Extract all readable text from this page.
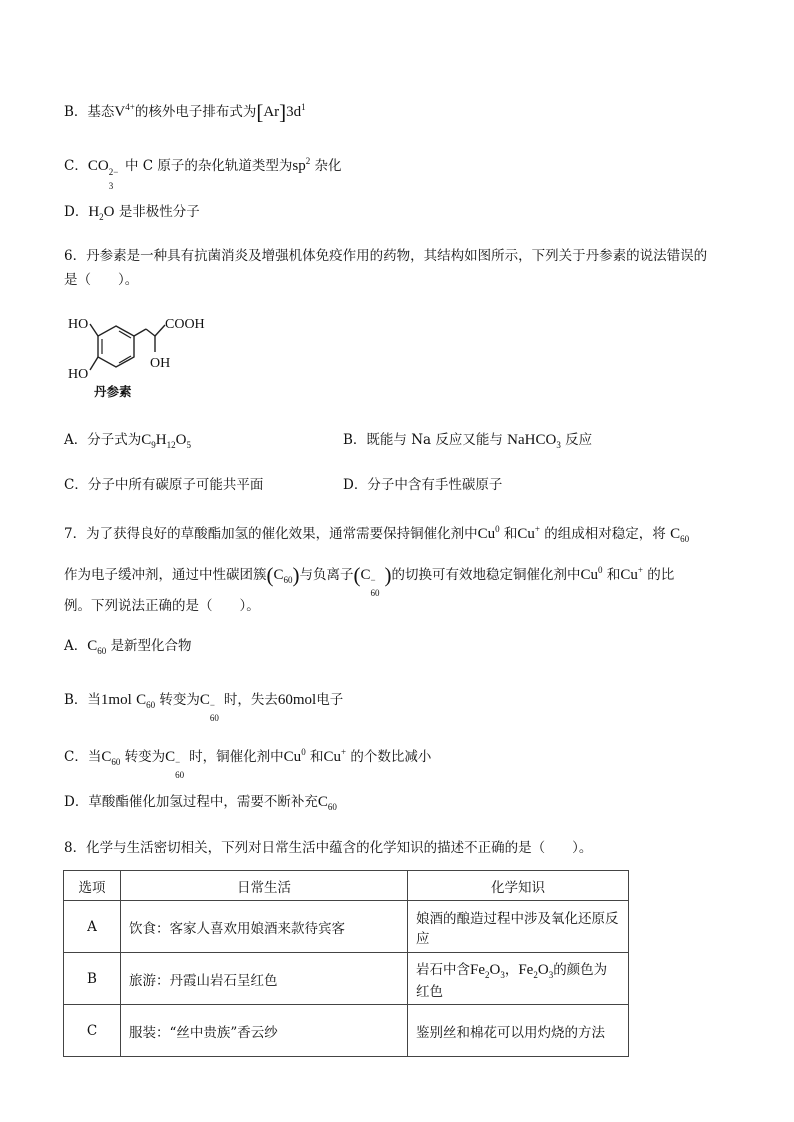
B．基态$V^{4+}$的核外电子排布式为$[Ar]3d^1$
C．CO 2−
3
中 C 原子的杂化轨道类型为$sp^2$ 杂化
D．$H_2O$ 是非极性分子
6．丹参素是一种具有抗菌消炎及增强机体免疫作用的药物，其结构如图所示，下列关于丹参素的说法错误的
是（　　）。
HO
HO
COOH
OH
丹参素
A．分子式为$C_9H_{12}O_5$	B．既能与 Na 反应又能与 NaHCO$_3$ 反应
C．分子中所有碳原子可能共平面	D．分子中含有手性碳原子
7．为了获得良好的草酸酯加氢的催化效果，通常需要保持铜催化剂中Cu$^0$ 和Cu+ 的组成相对稳定，将 $C_{60}$
作为电子缓冲剂，通过中性碳团簇$(C_{60})$与负离子(C −
60
)的切换可有效地稳定铜催化剂中Cu$^0$ 和Cu+ 的比
例。下列说法正确的是（　　）。
A．$C_{60}$ 是新型化合物
B．当1mol $C_{60}$ 转变为C −
60
时，失去60mol电子
C．当$C_{60}$ 转变为C −
60
时，铜催化剂中Cu$^0$ 和Cu+ 的个数比减小
D．草酸酯催化加氢过程中，需要不断补充$C_{60}$
8．化学与生活密切相关，下列对日常生活中蕴含的化学知识的描述不正确的是（　　）。
选项	日常生活	化学知识
A	饮食：客家人喜欢用娘酒来款待宾客	娘酒的酿造过程中涉及氧化还原反应
B	旅游：丹霞山岩石呈红色	岩石中含$Fe_2O_3$，$Fe_2O_3$的颜色为红色
C	服装：“丝中贵族”香云纱	鉴别丝和棉花可以用灼烧的方法
